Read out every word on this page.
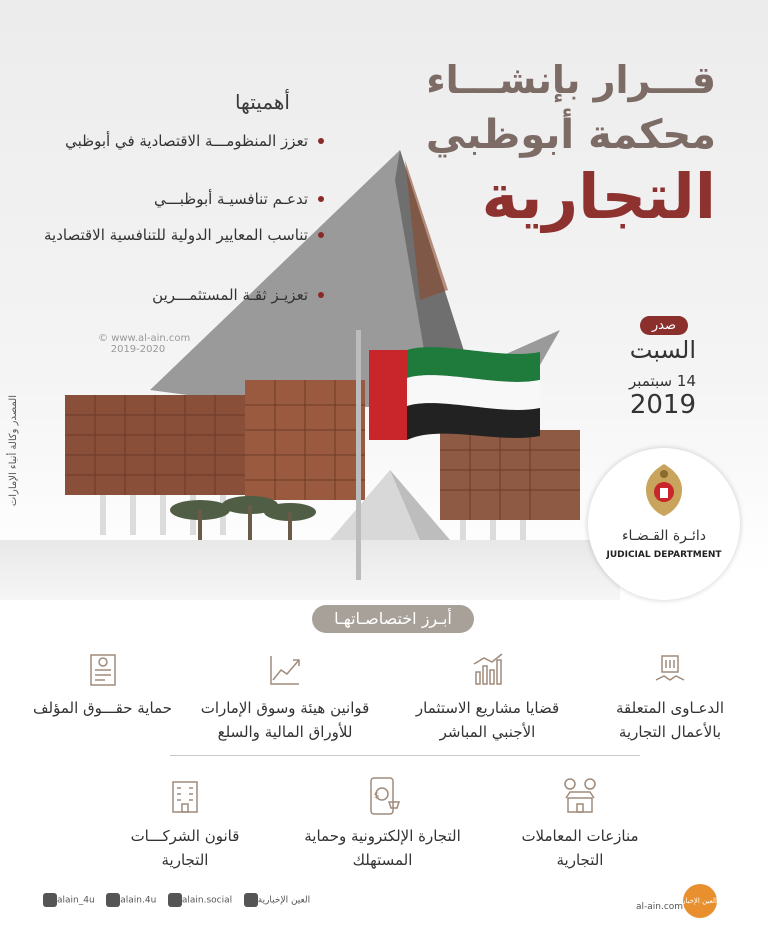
قـــرار بإنشـــاء
محكمة أبوظبي
التجارية
أهميتها
تعزز المنظومـــة الاقتصادية في أبوظبي
تدعـم تنافسيـة أبوظبـــي
تناسب المعايير الدولية للتنافسية الاقتصادية
تعزيـز ثقـة المستثمـــرين
© www.al-ain.com
2019-2020
المصدر وكالة أنباء الإمارات
صدر
السبت
14 سبتمبر
2019
دائـرة القـضـاء
JUDICIAL DEPARTMENT
أبـرز اختصاصـاتهـا
الدعـاوى المتعلقة بالأعمال التجارية
قضايا مشاريع الاستثمار الأجنبي المباشر
قوانين هيئة وسوق الإمارات للأوراق المالية والسلع
حماية حقـــوق المؤلف
منازعات المعاملات التجارية
$
التجارة الإلكترونية وحماية المستهلك
قانون الشركـــات التجارية
alain_4u	alain.4u	alain.social	العين الإخبارية
al-ain.com
العين الإخبارية
